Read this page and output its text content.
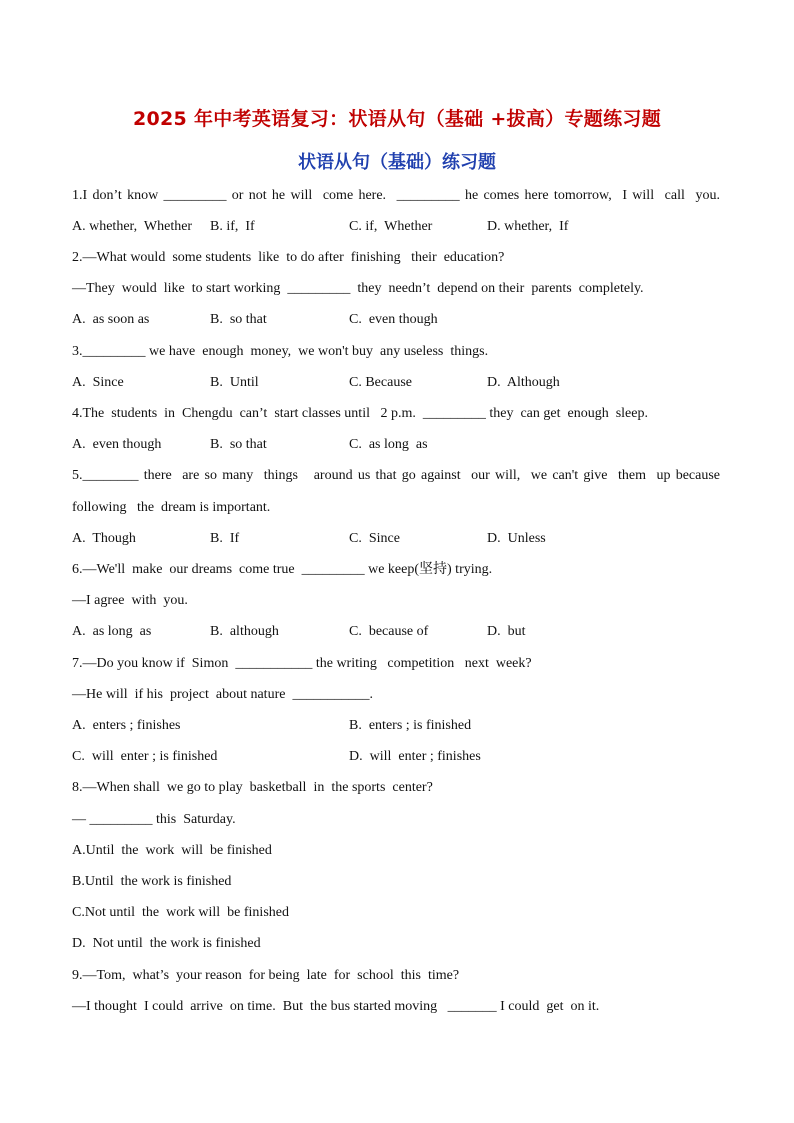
2025 年中考英语复习：状语从句（基础 +拔高）专题练习题
状语从句（基础）练习题
1.I don’t know _________ or not he will  come here.  _________ he comes here tomorrow,  I will  call  you.
A. whether,  Whether B. if,  If	C. if,  Whether	D. whether,  If
2.—What would  some students  like  to do after  finishing   their  education?
—They  would  like  to start working  _________  they  needn’t  depend on their  parents  completely.
A.  as soon as	B.  so that	C.  even though
3._________ we have  enough  money,  we won't buy  any useless  things.
A.  Since	B.  Until	C. Because	D.  Although
4.The  students  in  Chengdu  can’t  start classes until   2 p.m.  _________ they  can get  enough  sleep.
A.  even though	B.  so that	C.  as long  as
5.________ there  are so many  things   around us that go against  our will,  we can't give  them  up because
following   the  dream is important.
A.  Though	B.  If	C.  Since	D.  Unless
6.—We'll  make  our dreams  come true  _________ we keep(坚持) trying.
—I agree  with  you.
A.  as long  as	B.  although	C.  because of	D.  but
7.—Do you know if  Simon  ___________ the writing   competition   next  week?
—He will  if his  project  about nature  ___________.
A.  enters ; finishes	B.  enters ; is finished
C.  will  enter ; is finished	D.  will  enter ; finishes
8.—When shall  we go to play  basketball  in  the sports  center?
— _________ this  Saturday.
A.Until  the  work  will  be finished
B.Until  the work is finished
C.Not until  the  work will  be finished
D.  Not until  the work is finished
9.—Tom,  what’s  your reason  for being  late  for  school  this  time?
—I thought  I could  arrive  on time.  But  the bus started moving   _______ I could  get  on it.
